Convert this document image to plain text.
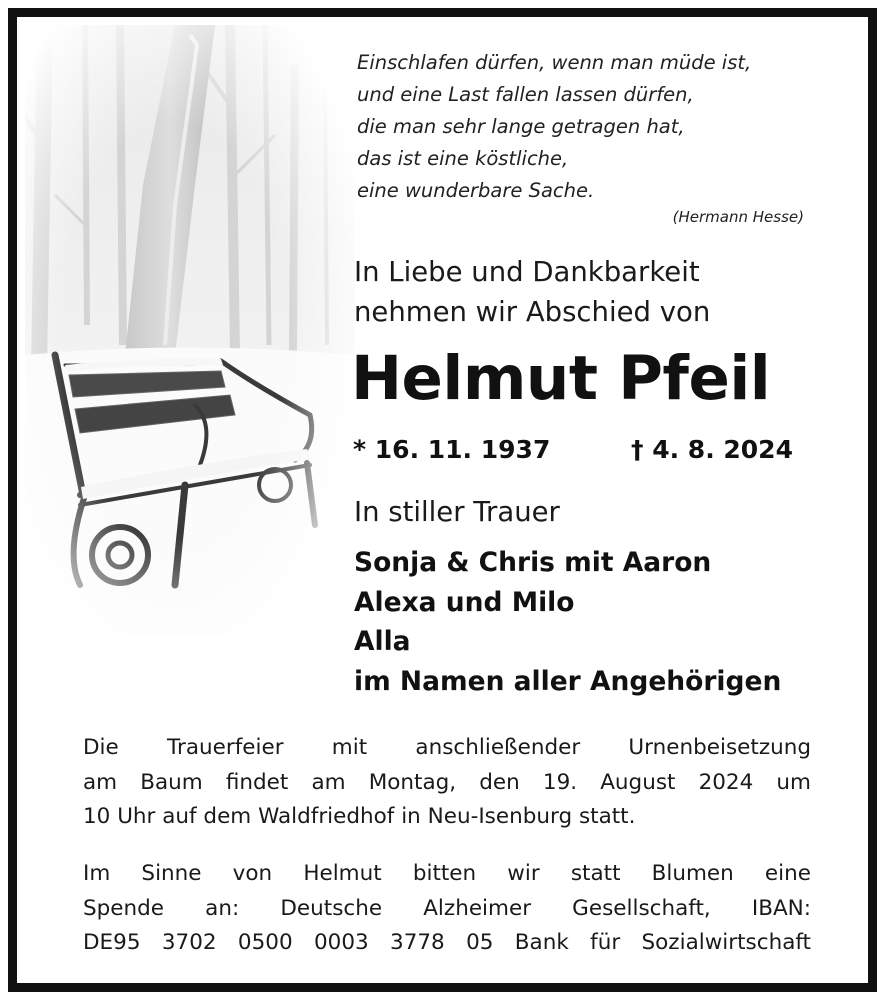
Einschlafen dürfen, wenn man müde ist,
und eine Last fallen lassen dürfen,
die man sehr lange getragen hat,
das ist eine köstliche,
eine wunderbare Sache.
(Hermann Hesse)
In Liebe und Dankbarkeit
nehmen wir Abschied von
Helmut Pfeil
* 16. 11. 1937	† 4. 8. 2024
In stiller Trauer
Sonja & Chris mit Aaron
Alexa und Milo
Alla
im Namen aller Angehörigen
Die Trauerfeier mit anschließender Urnenbeisetzung
am Baum findet am Montag, den 19. August 2024 um
10 Uhr auf dem Waldfriedhof in Neu-Isenburg statt.
Im Sinne von Helmut bitten wir statt Blumen eine
Spende an: Deutsche Alzheimer Gesellschaft, IBAN:
DE95 3702 0500 0003 3778 05 Bank für Sozialwirtschaft
